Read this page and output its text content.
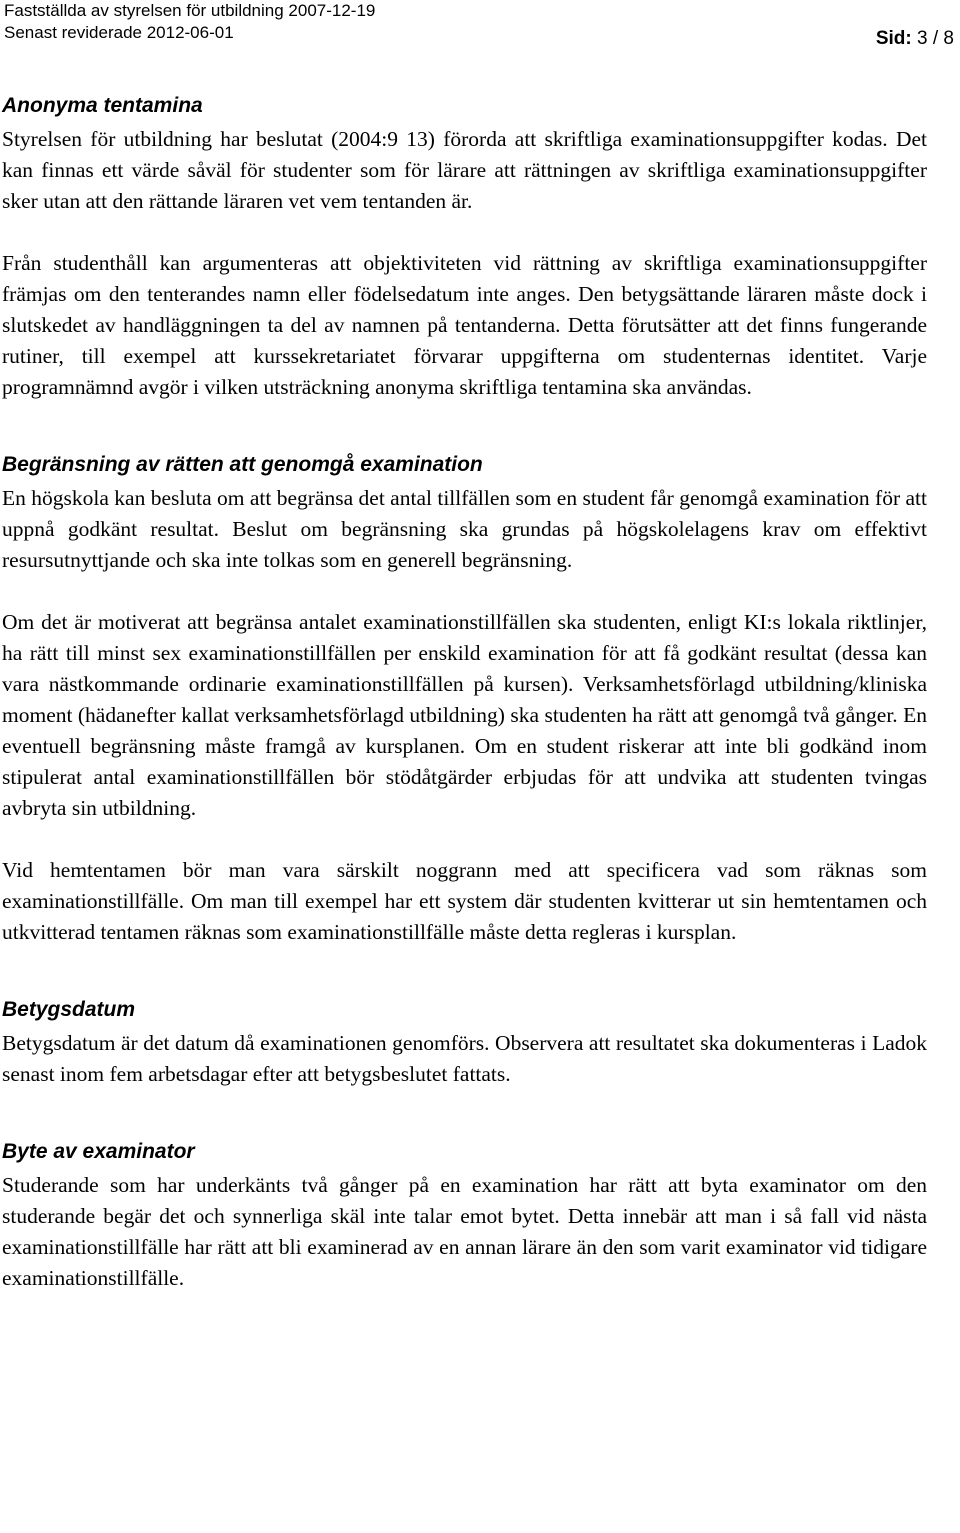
Fastställda av styrelsen för utbildning 2007-12-19
Senast reviderade 2012-06-01	Sid: 3 / 8
Anonyma tentamina

Styrelsen för utbildning har beslutat (2004:9 13) förorda att skriftliga examinationsuppgifter kodas. Det kan finnas ett värde såväl för studenter som för lärare att rättningen av skriftliga examinationsuppgifter sker utan att den rättande läraren vet vem tentanden är.

Från studenthåll kan argumenteras att objektiviteten vid rättning av skriftliga examinationsuppgifter främjas om den tenterandes namn eller födelsedatum inte anges. Den betygsättande läraren måste dock i slutskedet av handläggningen ta del av namnen på tentanderna. Detta förutsätter att det finns fungerande rutiner, till exempel att kurssekretariatet förvarar uppgifterna om studenternas identitet. Varje programnämnd avgör i vilken utsträckning anonyma skriftliga tentamina ska användas.

Begränsning av rätten att genomgå examination

En högskola kan besluta om att begränsa det antal tillfällen som en student får genomgå examination för att uppnå godkänt resultat. Beslut om begränsning ska grundas på högskolelagens krav om effektivt resursutnyttjande och ska inte tolkas som en generell begränsning.

Om det är motiverat att begränsa antalet examinationstillfällen ska studenten, enligt KI:s lokala riktlinjer, ha rätt till minst sex examinationstillfällen per enskild examination för att få godkänt resultat (dessa kan vara nästkommande ordinarie examinationstillfällen på kursen). Verksamhetsförlagd utbildning/kliniska moment (hädanefter kallat verksamhetsförlagd utbildning) ska studenten ha rätt att genomgå två gånger. En eventuell begränsning måste framgå av kursplanen. Om en student riskerar att inte bli godkänd inom stipulerat antal examinationstillfällen bör stödåtgärder erbjudas för att undvika att studenten tvingas avbryta sin utbildning.

Vid hemtentamen bör man vara särskilt noggrann med att specificera vad som räknas som examinationstillfälle. Om man till exempel har ett system där studenten kvitterar ut sin hemtentamen och utkvitterad tentamen räknas som examinationstillfälle måste detta regleras i kursplan.

Betygsdatum

Betygsdatum är det datum då examinationen genomförs. Observera att resultatet ska dokumenteras i Ladok senast inom fem arbetsdagar efter att betygsbeslutet fattats.

Byte av examinator

Studerande som har underkänts två gånger på en examination har rätt att byta examinator om den studerande begär det och synnerliga skäl inte talar emot bytet. Detta innebär att man i så fall vid nästa examinationstillfälle har rätt att bli examinerad av en annan lärare än den som varit examinator vid tidigare examinationstillfälle.
